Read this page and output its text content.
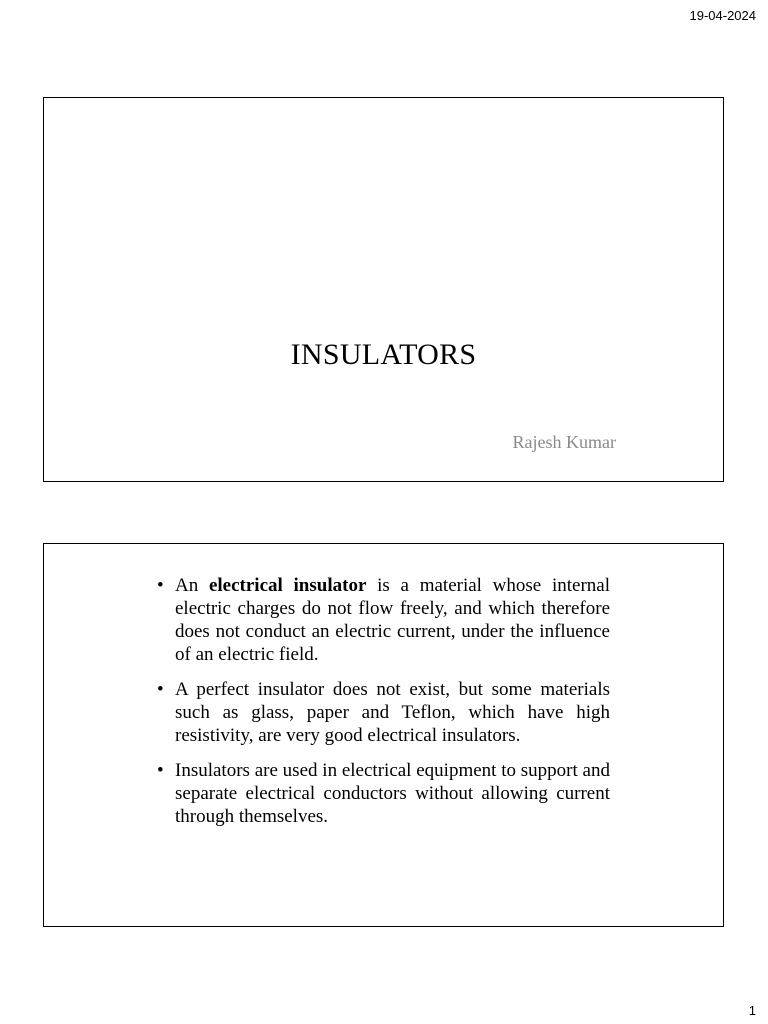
19-04-2024
INSULATORS
Rajesh Kumar
• An electrical insulator is a material whose internal electric charges do not flow freely, and which therefore does not conduct an electric current, under the influence of an electric field.
• A perfect insulator does not exist, but some materials such as glass, paper and Teflon, which have high resistivity, are very good electrical insulators.
• Insulators are used in electrical equipment to support and separate electrical conductors without allowing current through themselves.
1
